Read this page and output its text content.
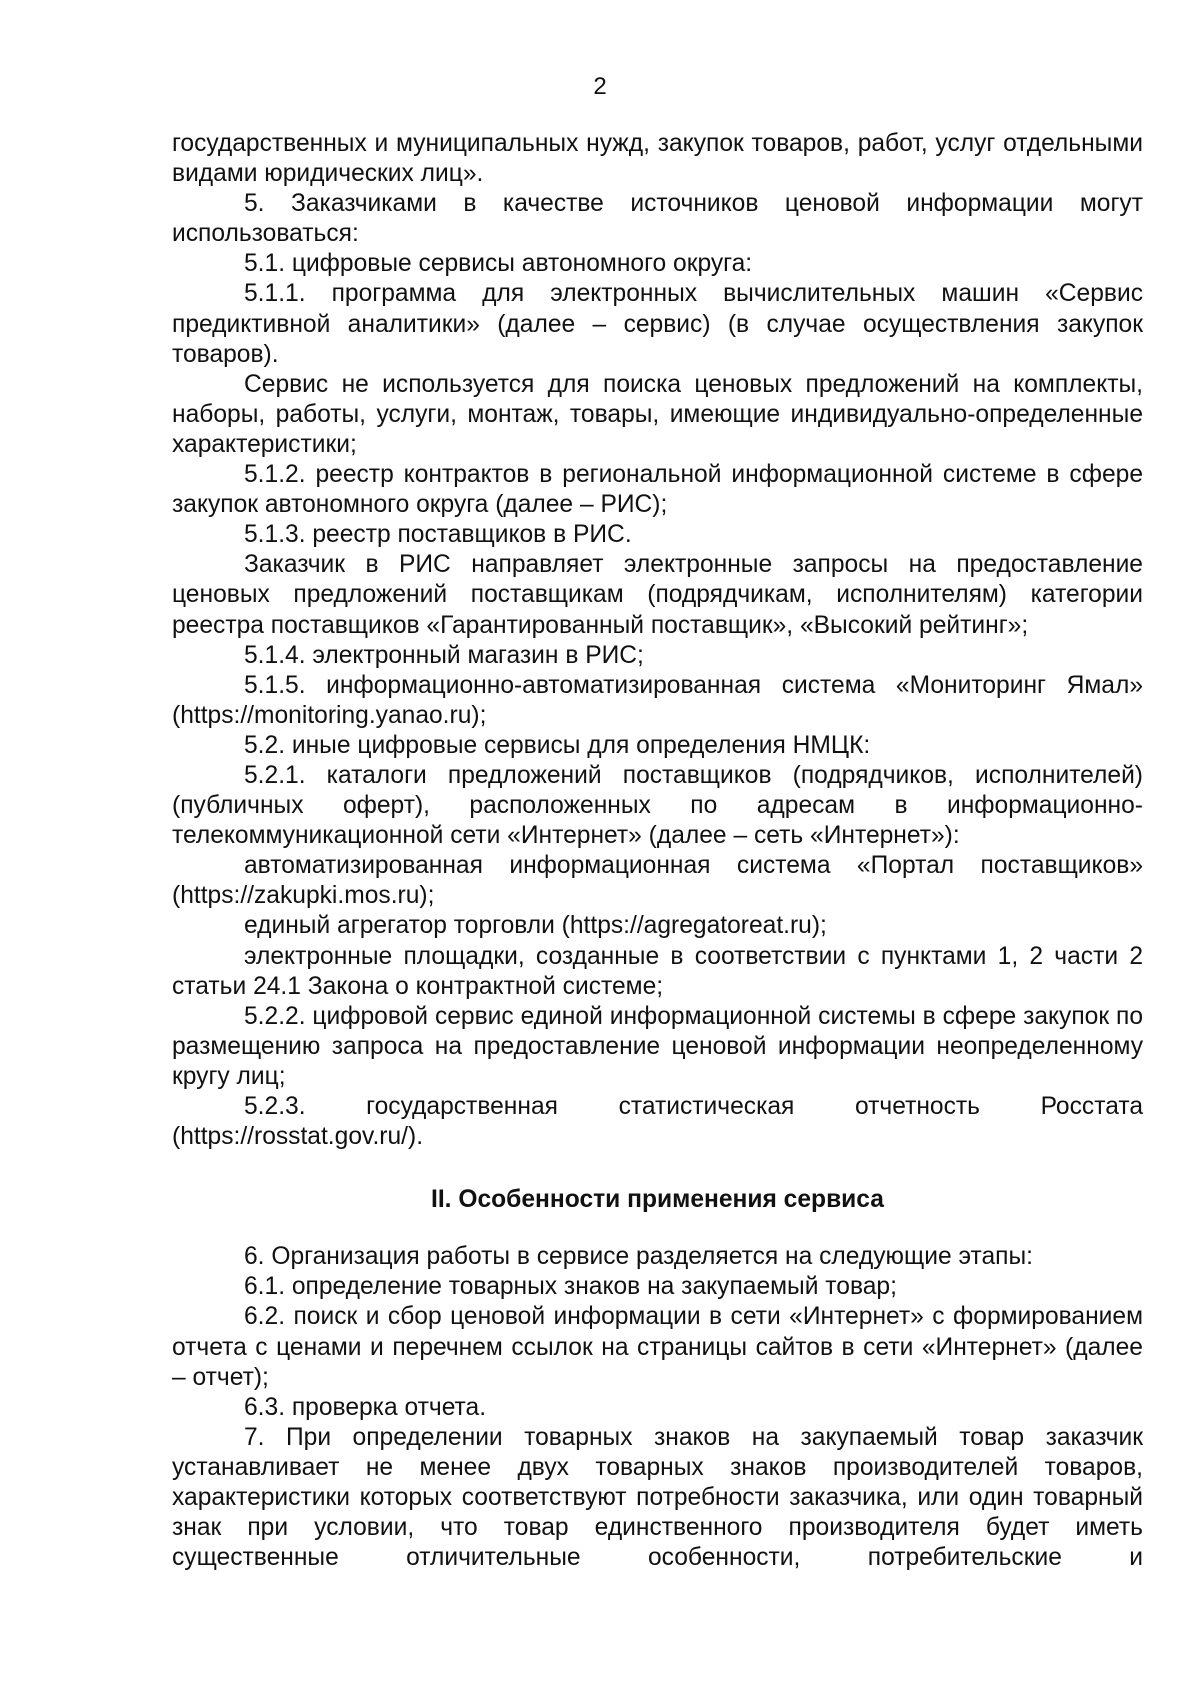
2

государственных и муниципальных нужд, закупок товаров, работ, услуг отдельными видами юридических лиц».

5. Заказчиками в качестве источников ценовой информации могут использоваться:

5.1. цифровые сервисы автономного округа:

5.1.1. программа для электронных вычислительных машин «Сервис предиктивной аналитики» (далее – сервис) (в случае осуществления закупок товаров).

Сервис не используется для поиска ценовых предложений на комплекты, наборы, работы, услуги, монтаж, товары, имеющие индивидуально-определенные характеристики;

5.1.2. реестр контрактов в региональной информационной системе в сфере закупок автономного округа (далее – РИС);

5.1.3. реестр поставщиков в РИС.

Заказчик в РИС направляет электронные запросы на предоставление ценовых предложений поставщикам (подрядчикам, исполнителям) категории реестра поставщиков «Гарантированный поставщик», «Высокий рейтинг»;

5.1.4. электронный магазин в РИС;

5.1.5. информационно-автоматизированная система «Мониторинг Ямал» (https://monitoring.yanao.ru);

5.2. иные цифровые сервисы для определения НМЦК:

5.2.1. каталоги предложений поставщиков (подрядчиков, исполнителей) (публичных оферт), расположенных по адресам в информационно-телекоммуникационной сети «Интернет» (далее – сеть «Интернет»):

автоматизированная информационная система «Портал поставщиков» (https://zakupki.mos.ru);

единый агрегатор торговли (https://agregatoreat.ru);

электронные площадки, созданные в соответствии с пунктами 1, 2 части 2 статьи 24.1 Закона о контрактной системе;

5.2.2. цифровой сервис единой информационной системы в сфере закупок по размещению запроса на предоставление ценовой информации неопределенному кругу лиц;

5.2.3. государственная статистическая отчетность Росстата (https://rosstat.gov.ru/).

II. Особенности применения сервиса

6. Организация работы в сервисе разделяется на следующие этапы:

6.1. определение товарных знаков на закупаемый товар;

6.2. поиск и сбор ценовой информации в сети «Интернет» с формированием отчета с ценами и перечнем ссылок на страницы сайтов в сети «Интернет» (далее – отчет);

6.3. проверка отчета.

7. При определении товарных знаков на закупаемый товар заказчик устанавливает не менее двух товарных знаков производителей товаров, характеристики которых соответствуют потребности заказчика, или один товарный знак при условии, что товар единственного производителя будет иметь существенные отличительные особенности, потребительские и
